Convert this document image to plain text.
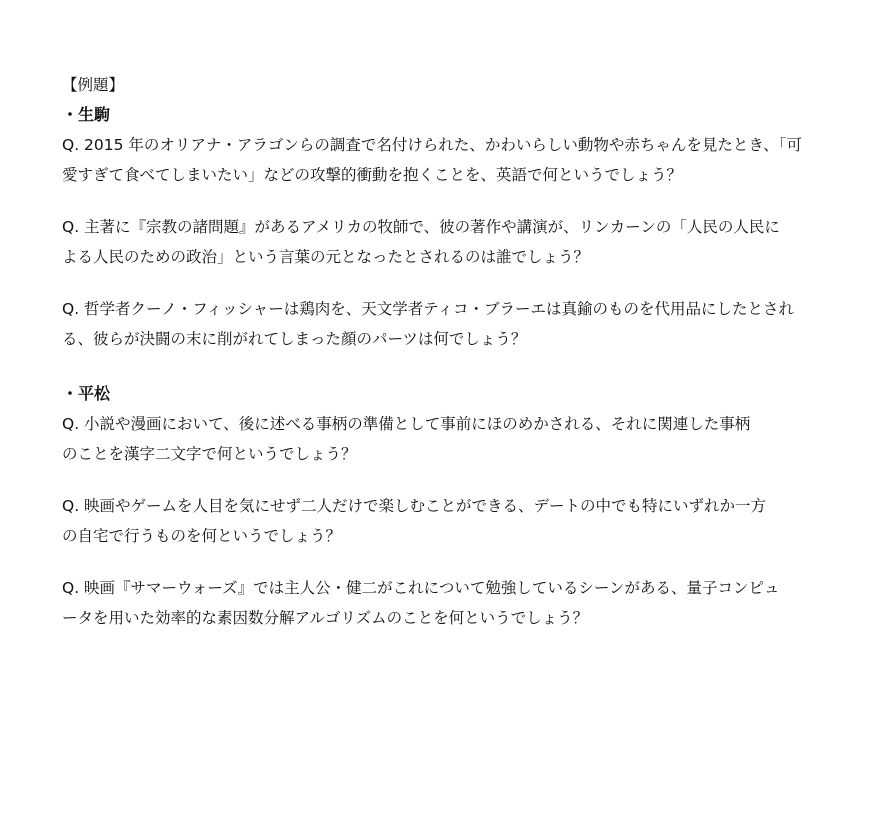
【例題】
・生駒
Q. 2015 年のオリアナ・アラゴンらの調査で名付けられた、かわいらしい動物や赤ちゃんを見たとき、「可
愛すぎて食べてしまいたい」などの攻撃的衝動を抱くことを、英語で何というでしょう？
Q. 主著に『宗教の諸問題』があるアメリカの牧師で、彼の著作や講演が、リンカーンの「人民の人民に
よる人民のための政治」という言葉の元となったとされるのは誰でしょう？
Q. 哲学者クーノ・フィッシャーは鶏肉を、天文学者ティコ・ブラーエは真鍮のものを代用品にしたとされ
る、彼らが決闘の末に削がれてしまった顔のパーツは何でしょう？
・平松
Q. 小説や漫画において、後に述べる事柄の準備として事前にほのめかされる、それに関連した事柄
のことを漢字二文字で何というでしょう？
Q. 映画やゲームを人目を気にせず二人だけで楽しむことができる、デートの中でも特にいずれか一方
の自宅で行うものを何というでしょう？
Q. 映画『サマーウォーズ』では主人公・健二がこれについて勉強しているシーンがある、量子コンピュ
ータを用いた効率的な素因数分解アルゴリズムのことを何というでしょう？
